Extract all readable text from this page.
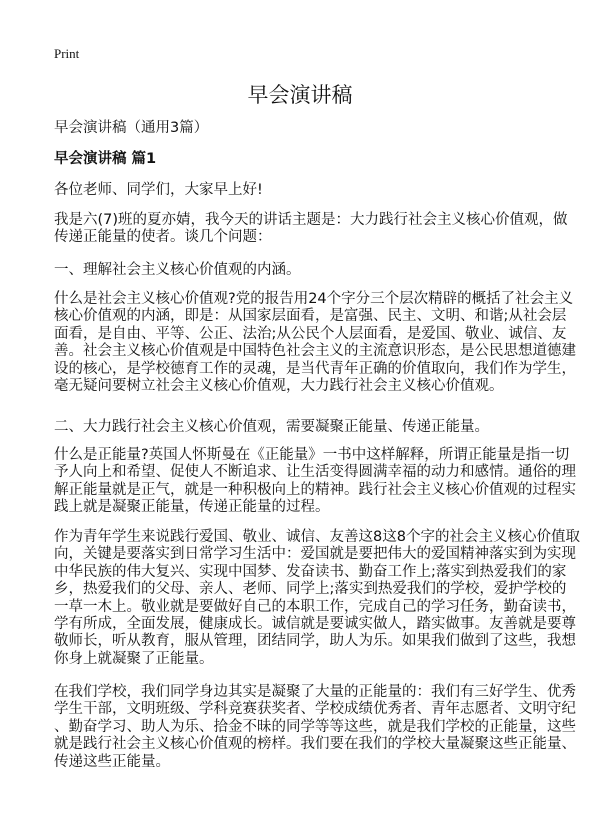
Print
早会演讲稿
早会演讲稿（通用3篇）
早会演讲稿 篇1
各位老师、同学们，大家早上好!
我是六(7)班的夏亦婧，我今天的讲话主题是：大力践行社会主义核心价值观，做
传递正能量的使者。谈几个问题：
一、理解社会主义核心价值观的内涵。
什么是社会主义核心价值观?党的报告用24个字分三个层次精辟的概括了社会主义
核心价值观的内涵，即是：从国家层面看，是富强、民主、文明、和谐;从社会层
面看，是自由、平等、公正、法治;从公民个人层面看，是爱国、敬业、诚信、友
善。社会主义核心价值观是中国特色社会主义的主流意识形态，是公民思想道德建
设的核心，是学校德育工作的灵魂，是当代青年正确的价值取向，我们作为学生，
毫无疑问要树立社会主义核心价值观，大力践行社会主义核心价值观。
二、大力践行社会主义核心价值观，需要凝聚正能量、传递正能量。
什么是正能量?英国人怀斯曼在《正能量》一书中这样解释，所谓正能量是指一切
予人向上和希望、促使人不断追求、让生活变得圆满幸福的动力和感情。通俗的理
解正能量就是正气，就是一种积极向上的精神。践行社会主义核心价值观的过程实
践上就是凝聚正能量，传递正能量的过程。
作为青年学生来说践行爱国、敬业、诚信、友善这8这8个字的社会主义核心价值取
向，关键是要落实到日常学习生活中：爱国就是要把伟大的爱国精神落实到为实现
中华民族的伟大复兴、实现中国梦、发奋读书、勤奋工作上;落实到热爱我们的家
乡，热爱我们的父母、亲人、老师、同学上;落实到热爱我们的学校，爱护学校的
一草一木上。敬业就是要做好自己的本职工作，完成自己的学习任务，勤奋读书，
学有所成，全面发展，健康成长。诚信就是要诚实做人，踏实做事。友善就是要尊
敬师长，听从教育，服从管理，团结同学，助人为乐。如果我们做到了这些，我想
你身上就凝聚了正能量。
在我们学校，我们同学身边其实是凝聚了大量的正能量的：我们有三好学生、优秀
学生干部，文明班级、学科竞赛获奖者、学校成绩优秀者、青年志愿者、文明守纪
、勤奋学习、助人为乐、拾金不昧的同学等等这些，就是我们学校的正能量，这些
就是践行社会主义核心价值观的榜样。我们要在我们的学校大量凝聚这些正能量、
传递这些正能量。
